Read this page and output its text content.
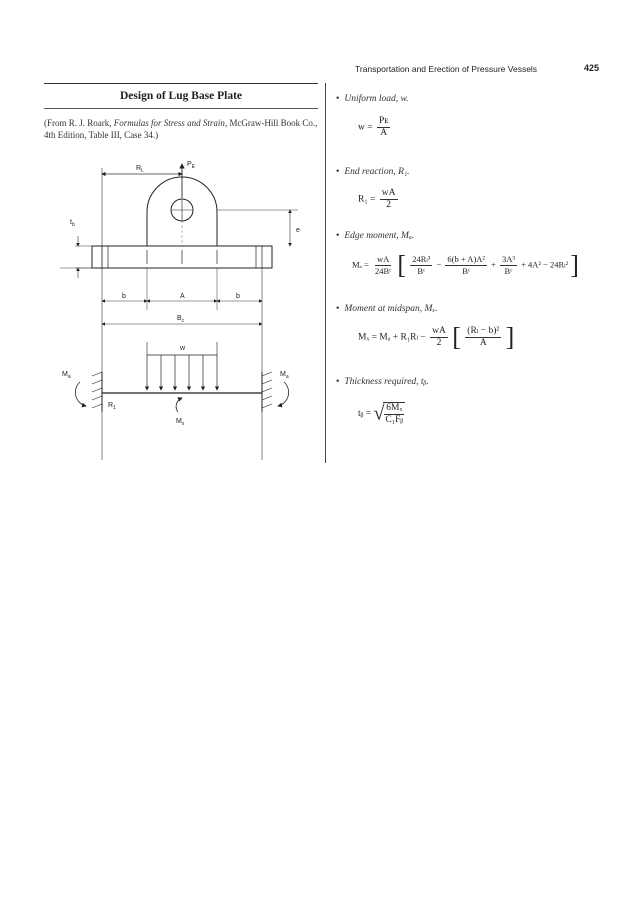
Transportation and Erection of Pressure Vessels	425
Design of Lug Base Plate
(From R. J. Roark, Formulas for Stress and Strain, McGraw-Hill Book Co., 4th Edition, Table III, Case 34.)
$R_L$
$P_E$
$t_b$
e
b	A	b
$B_c$
w
$M_a$	$M_a$
$R_1$
$M_x$
• Uniform load, w.
$w = \frac{\text{Pᴇ}}{A}$
• End reaction, R₁.
$R_1 = \frac{wA}{2}$
• Edge moment, Mₐ.
$M_a = \frac{wA}{\text{24Bᶜ}}$ [ $\frac{\text{24Rₗ³}}{\text{Bᶜ}} - \frac{\text{6(b + A)A²}}{\text{Bᶜ}} + \frac{\text{3A³}}{\text{Bᶜ}} + 4A^2 - 24R_l^2$ ]
• Moment at midspan, Mₓ.
$M_x = M_a + R_1R_l - \frac{wA}{2}$ [ $\frac{\text{(Rₗ − b)²}}{A}$ ]
• Thickness required, tᵦ.
tᵦ = √ $\frac{\text{6Mₓ}}{\text{C₁Fᵦ}}$
